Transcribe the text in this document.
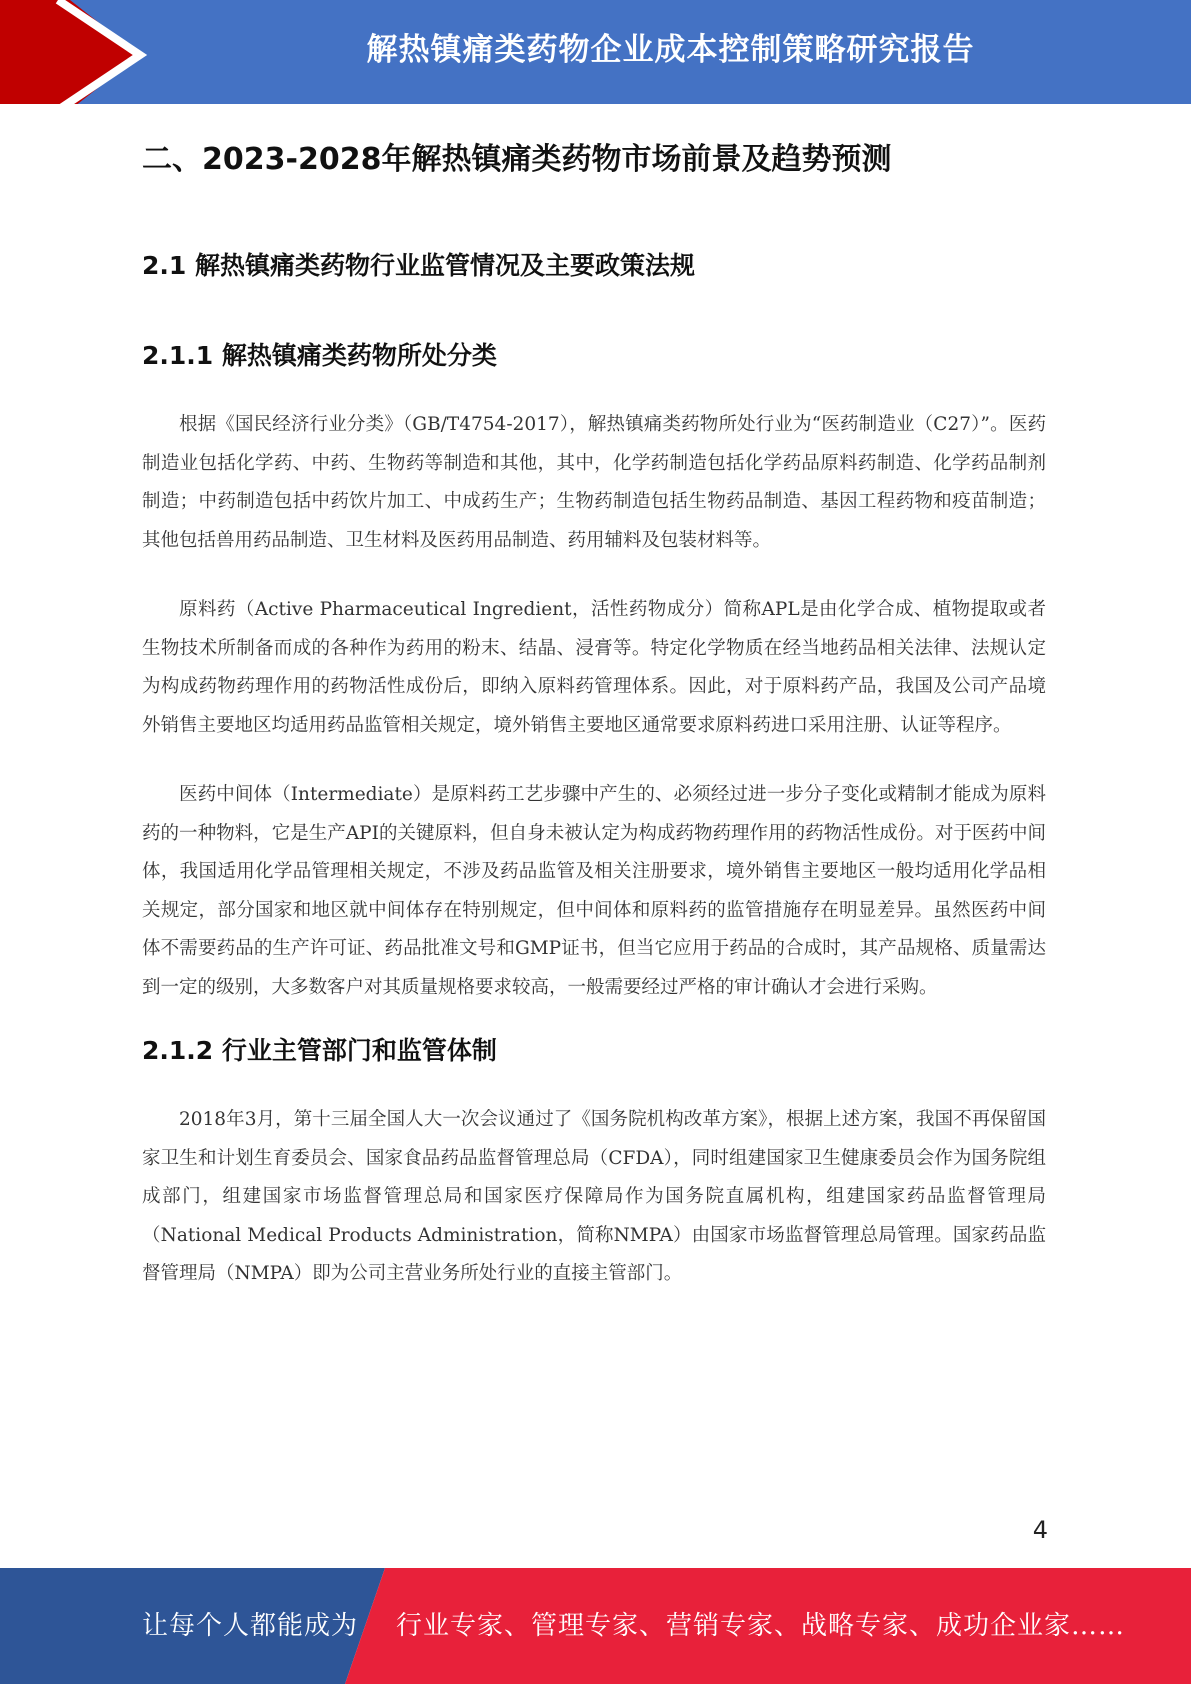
解热镇痛类药物企业成本控制策略研究报告
二、2023-2028年解热镇痛类药物市场前景及趋势预测
2.1 解热镇痛类药物行业监管情况及主要政策法规
2.1.1 解热镇痛类药物所处分类

根据《国民经济行业分类》（GB/T4754-2017），解热镇痛类药物所处行业为“医药制造业（C27）”。医药制造业包括化学药、中药、生物药等制造和其他，其中，化学药制造包括化学药品原料药制造、化学药品制剂制造；中药制造包括中药饮片加工、中成药生产；生物药制造包括生物药品制造、基因工程药物和疫苗制造；其他包括兽用药品制造、卫生材料及医药用品制造、药用辅料及包装材料等。

原料药（Active Pharmaceutical Ingredient，活性药物成分）简称APL是由化学合成、植物提取或者生物技术所制备而成的各种作为药用的粉末、结晶、浸膏等。特定化学物质在经当地药品相关法律、法规认定为构成药物药理作用的药物活性成份后，即纳入原料药管理体系。因此，对于原料药产品，我国及公司产品境外销售主要地区均适用药品监管相关规定，境外销售主要地区通常要求原料药进口采用注册、认证等程序。

医药中间体（Intermediate）是原料药工艺步骤中产生的、必须经过进一步分子变化或精制才能成为原料药的一种物料，它是生产API的关键原料，但自身未被认定为构成药物药理作用的药物活性成份。对于医药中间体，我国适用化学品管理相关规定，不涉及药品监管及相关注册要求，境外销售主要地区一般均适用化学品相关规定，部分国家和地区就中间体存在特别规定，但中间体和原料药的监管措施存在明显差异。虽然医药中间体不需要药品的生产许可证、药品批准文号和GMP证书，但当它应用于药品的合成时，其产品规格、质量需达到一定的级别，大多数客户对其质量规格要求较高，一般需要经过严格的审计确认才会进行采购。

2.1.2 行业主管部门和监管体制

2018年3月，第十三届全国人大一次会议通过了《国务院机构改革方案》，根据上述方案，我国不再保留国家卫生和计划生育委员会、国家食品药品监督管理总局（CFDA），同时组建国家卫生健康委员会作为国务院组成部门，组建国家市场监督管理总局和国家医疗保障局作为国务院直属机构，组建国家药品监督管理局（National Medical Products Administration，简称NMPA）由国家市场监督管理总局管理。国家药品监督管理局（NMPA）即为公司主营业务所处行业的直接主管部门。

4
让每个人都能成为 行业专家、管理专家、营销专家、战略专家、成功企业家……
